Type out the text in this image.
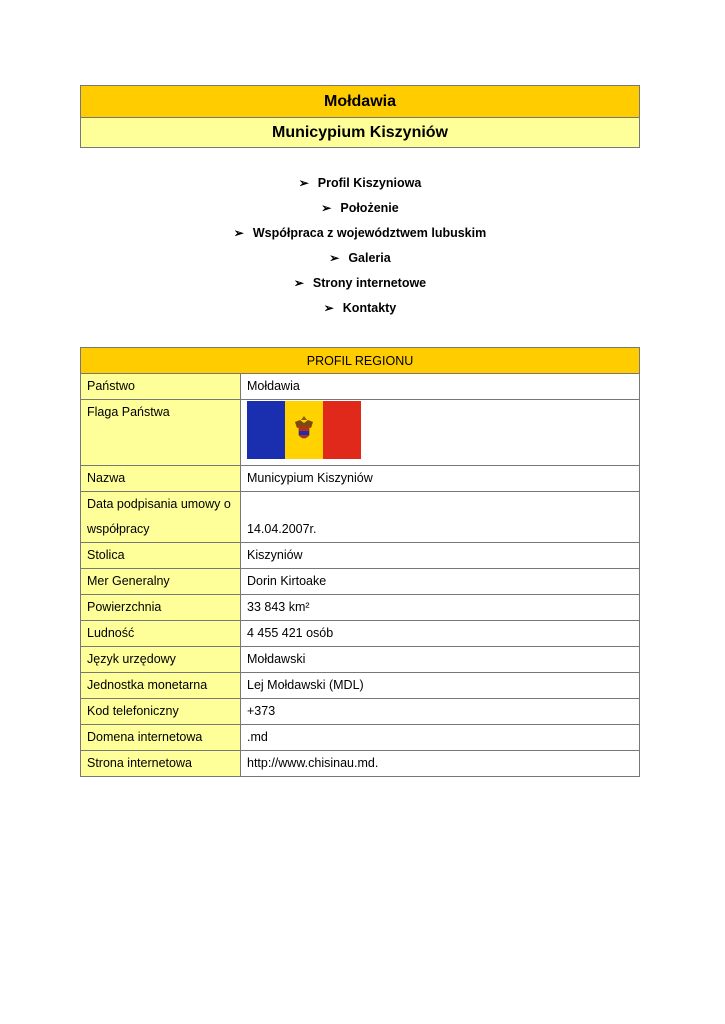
Mołdawia
Municypium Kiszyniów
➢ Profil Kiszyniowa
➢ Położenie
➢ Współpraca z województwem lubuskim
➢ Galeria
➢ Strony internetowe
➢ Kontakty
PROFIL REGIONU	
Państwo	Mołdawia
Flaga Państwa	

Nazwa	Municypium Kiszyniów
Data podpisania umowy o
współpracy	14.04.2007r.
Stolica	Kiszyniów
Mer Generalny	Dorin Kirtoake
Powierzchnia	33 843 km²
Ludność	4 455 421 osób
Język urzędowy	Mołdawski
Jednostka monetarna	Lej Mołdawski (MDL)
Kod telefoniczny	+373
Domena internetowa	.md
Strona internetowa	http://www.chisinau.md.
